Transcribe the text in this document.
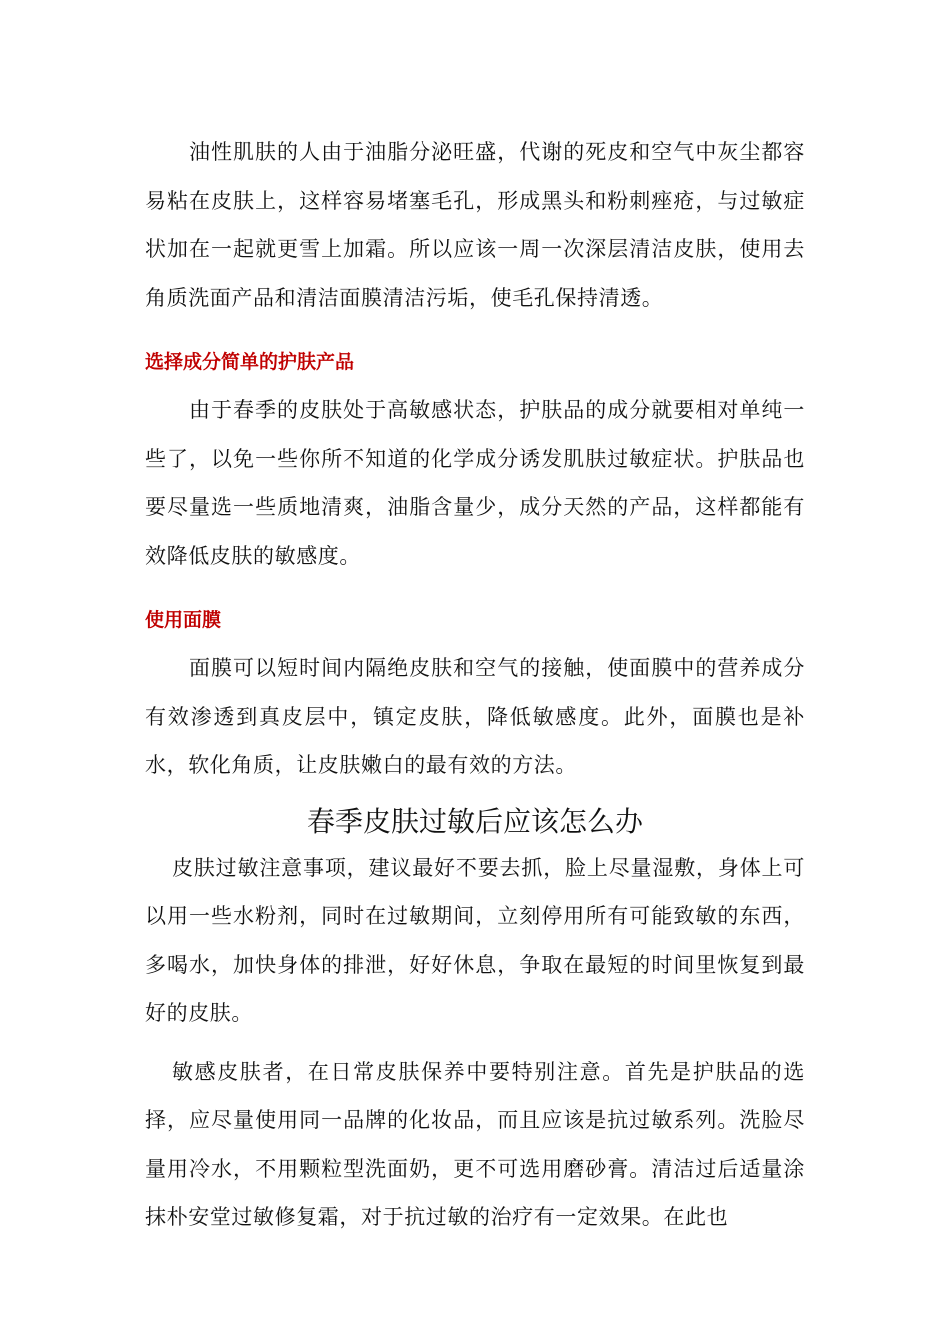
油性肌肤的人由于油脂分泌旺盛，代谢的死皮和空气中灰尘都容易粘在皮肤上，这样容易堵塞毛孔，形成黑头和粉刺痤疮，与过敏症状加在一起就更雪上加霜。所以应该一周一次深层清洁皮肤，使用去角质洗面产品和清洁面膜清洁污垢，使毛孔保持清透。

选择成分简单的护肤产品

由于春季的皮肤处于高敏感状态，护肤品的成分就要相对单纯一些了，以免一些你所不知道的化学成分诱发肌肤过敏症状。护肤品也要尽量选一些质地清爽，油脂含量少，成分天然的产品，这样都能有效降低皮肤的敏感度。

使用面膜

面膜可以短时间内隔绝皮肤和空气的接触，使面膜中的营养成分有效渗透到真皮层中，镇定皮肤，降低敏感度。此外，面膜也是补水，软化角质，让皮肤嫩白的最有效的方法。

春季皮肤过敏后应该怎么办

皮肤过敏注意事项，建议最好不要去抓，脸上尽量湿敷，身体上可以用一些水粉剂，同时在过敏期间，立刻停用所有可能致敏的东西，多喝水，加快身体的排泄，好好休息，争取在最短的时间里恢复到最好的皮肤。

敏感皮肤者，在日常皮肤保养中要特别注意。首先是护肤品的选择，应尽量使用同一品牌的化妆品，而且应该是抗过敏系列。洗脸尽量用冷水，不用颗粒型洗面奶，更不可选用磨砂膏。清洁过后适量涂抹朴安堂过敏修复霜，对于抗过敏的治疗有一定效果。在此也
